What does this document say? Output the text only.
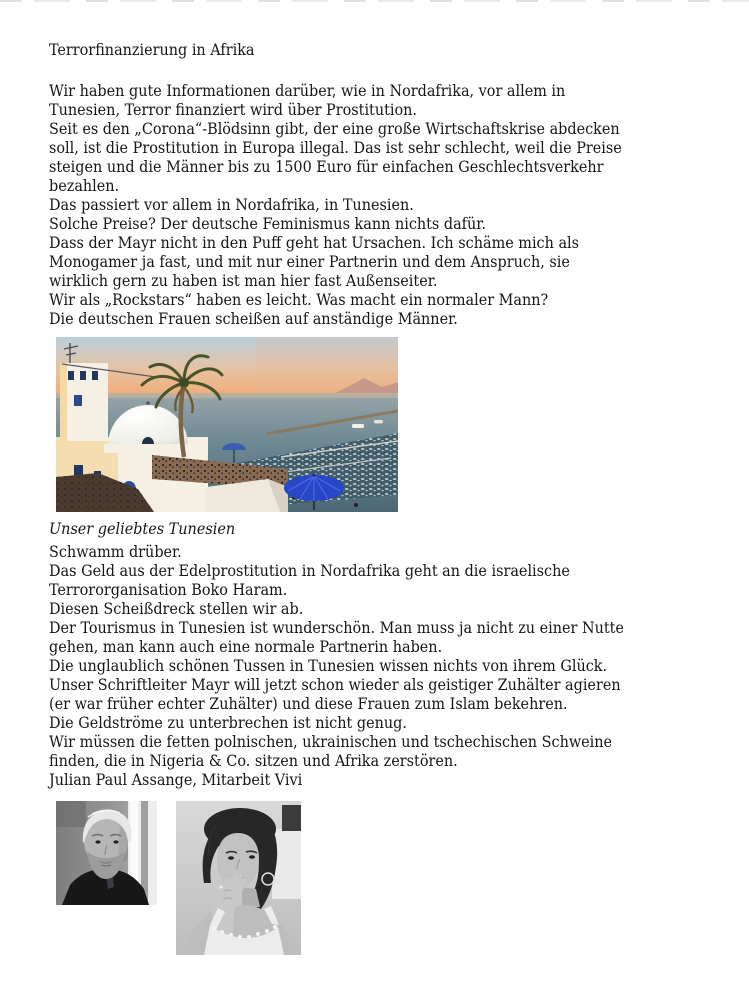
Terrorfinanzierung in Afrika
Wir haben gute Informationen darüber, wie in Nordafrika, vor allem in
Tunesien, Terror finanziert wird über Prostitution.
Seit es den „Corona“-Blödsinn gibt, der eine große Wirtschaftskrise abdecken
soll, ist die Prostitution in Europa illegal. Das ist sehr schlecht, weil die Preise
steigen und die Männer bis zu 1500 Euro für einfachen Geschlechtsverkehr
bezahlen.
Das passiert vor allem in Nordafrika, in Tunesien.
Solche Preise? Der deutsche Feminismus kann nichts dafür.
Dass der Mayr nicht in den Puff geht hat Ursachen. Ich schäme mich als
Monogamer ja fast, und mit nur einer Partnerin und dem Anspruch, sie
wirklich gern zu haben ist man hier fast Außenseiter.
Wir als „Rockstars“ haben es leicht. Was macht ein normaler Mann?
Die deutschen Frauen scheißen auf anständige Männer.
Unser geliebtes Tunesien
Schwamm drüber.
Das Geld aus der Edelprostitution in Nordafrika geht an die israelische
Terrororganisation Boko Haram.
Diesen Scheißdreck stellen wir ab.
Der Tourismus in Tunesien ist wunderschön. Man muss ja nicht zu einer Nutte
gehen, man kann auch eine normale Partnerin haben.
Die unglaublich schönen Tussen in Tunesien wissen nichts von ihrem Glück.
Unser Schriftleiter Mayr will jetzt schon wieder als geistiger Zuhälter agieren
(er war früher echter Zuhälter) und diese Frauen zum Islam bekehren.
Die Geldströme zu unterbrechen ist nicht genug.
Wir müssen die fetten polnischen, ukrainischen und tschechischen Schweine
finden, die in Nigeria & Co. sitzen und Afrika zerstören.
Julian Paul Assange, Mitarbeit Vivi
